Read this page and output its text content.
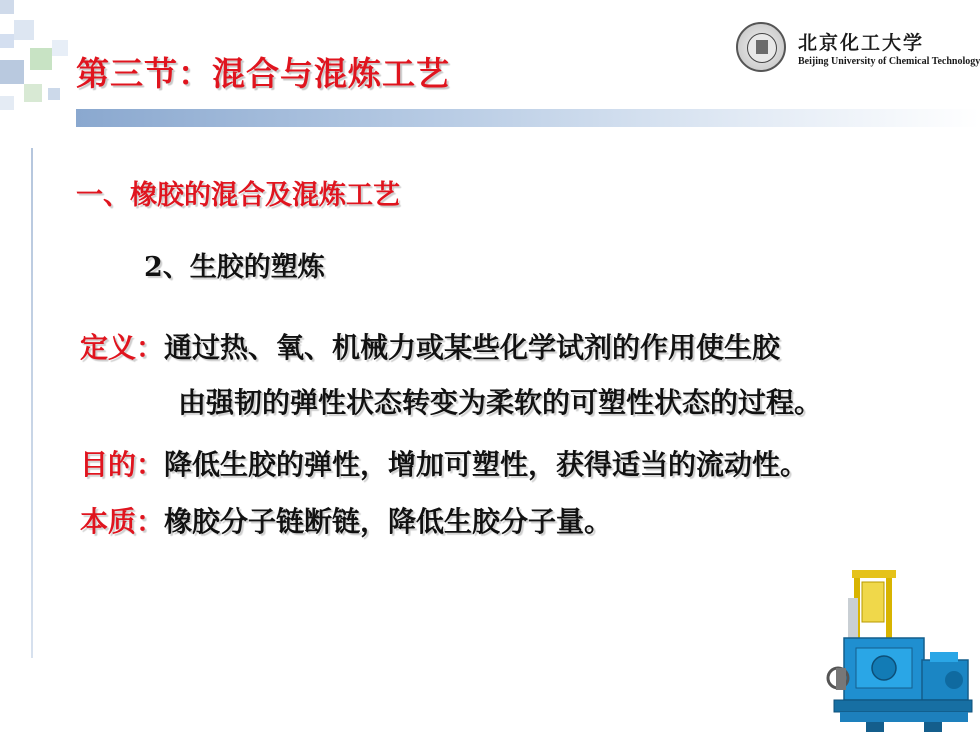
第三节：混合与混炼工艺
北京化工大学
Beijing University of Chemical Technology
一、橡胶的混合及混炼工艺
2、生胶的塑炼
定义：通过热、氧、机械力或某些化学试剂的作用使生胶
由强韧的弹性状态转变为柔软的可塑性状态的过程。
目的：降低生胶的弹性，增加可塑性，获得适当的流动性。
本质：橡胶分子链断链，降低生胶分子量。
